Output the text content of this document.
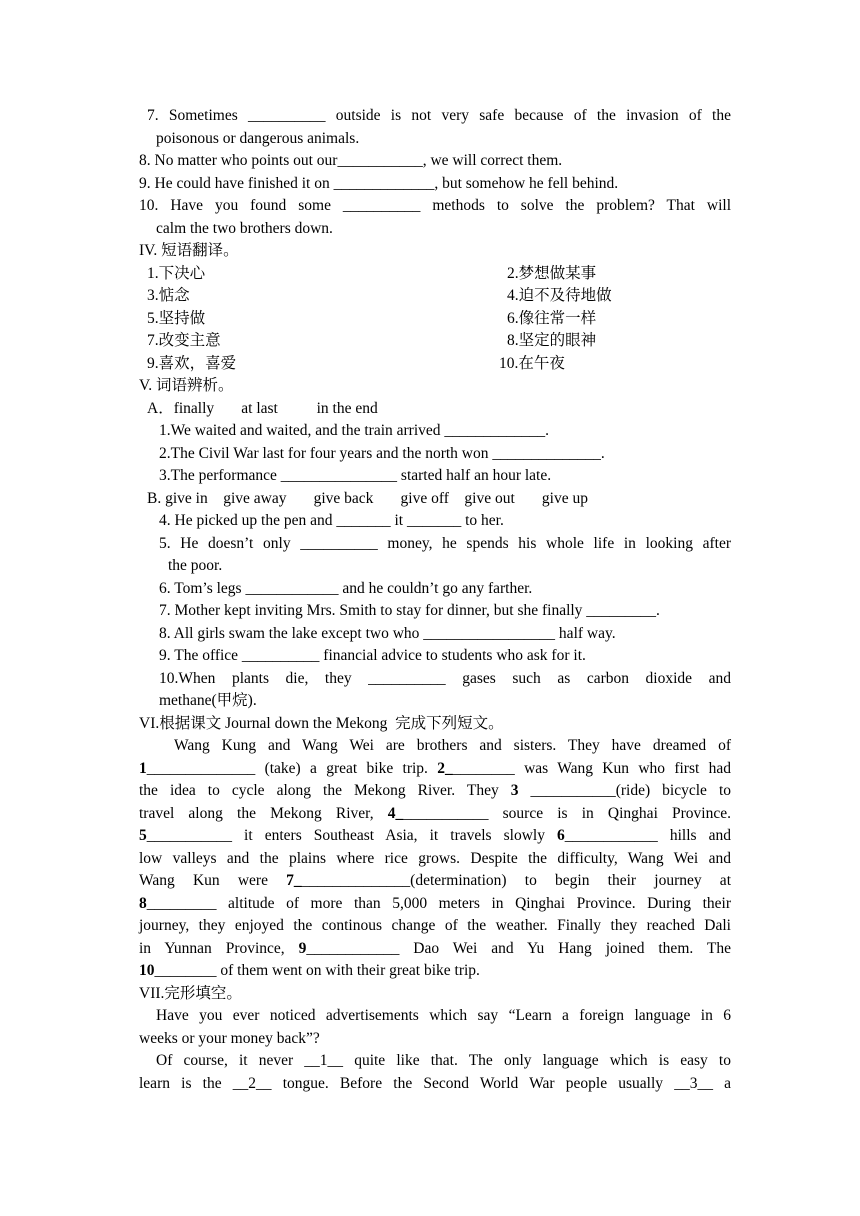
7. Sometimes __________ outside is not very safe because of the invasion of the
poisonous or dangerous animals.
8. No matter who points out our___________, we will correct them.
9. He could have finished it on _____________, but somehow he fell behind.
10. Have you found some __________ methods to solve the problem? That will
calm the two brothers down.
IV. 短语翻译。
1.下决心	2.梦想做某事
3.惦念	4.迫不及待地做
5.坚持做	6.像往常一样
7.改变主意	8.坚定的眼神
9.喜欢，喜爱	10.在午夜
V. 词语辨析。
A．finally       at last          in the end
1.We waited and waited, and the train arrived _____________.
2.The Civil War last for four years and the north won ______________.
3.The performance _______________ started half an hour late.
B. give in    give away       give back       give off    give out       give up
4. He picked up the pen and _______ it _______ to her.
5. He doesn’t only __________ money, he spends his whole life in looking after
the poor.
6. Tom’s legs ____________ and he couldn’t go any farther.
7. Mother kept inviting Mrs. Smith to stay for dinner, but she finally _________.
8. All girls swam the lake except two who _________________ half way.
9. The office __________ financial advice to students who ask for it.
10.When plants die, they __________ gases such as carbon dioxide and
methane(甲烷).
VI.根据课文 Journal down the Mekong  完成下列短文。
Wang Kung and Wang Wei are brothers and sisters. They have dreamed of
1______________ (take) a great bike trip. 2_________ was Wang Kun who first had
the idea to cycle along the Mekong River. They 3 ___________(ride) bicycle to
travel along the Mekong River, 4____________ source is in Qinghai Province.
5___________ it enters Southeast Asia, it travels slowly 6____________ hills and
low valleys and the plains where rice grows. Despite the difficulty, Wang Wei and
Wang Kun were 7_______________(determination) to begin their journey at
8_________ altitude of more than 5,000 meters in Qinghai Province. During their
journey, they enjoyed the continous change of the weather. Finally they reached Dali
in Yunnan Province, 9____________ Dao Wei and Yu Hang joined them. The
10________ of them went on with their great bike trip.
VII.完形填空。
Have you ever noticed advertisements which say “Learn a foreign language in 6
weeks or your money back”?
Of course, it never __1__ quite like that. The only language which is easy to
learn is the __2__ tongue. Before the Second World War people usually __3__ a
